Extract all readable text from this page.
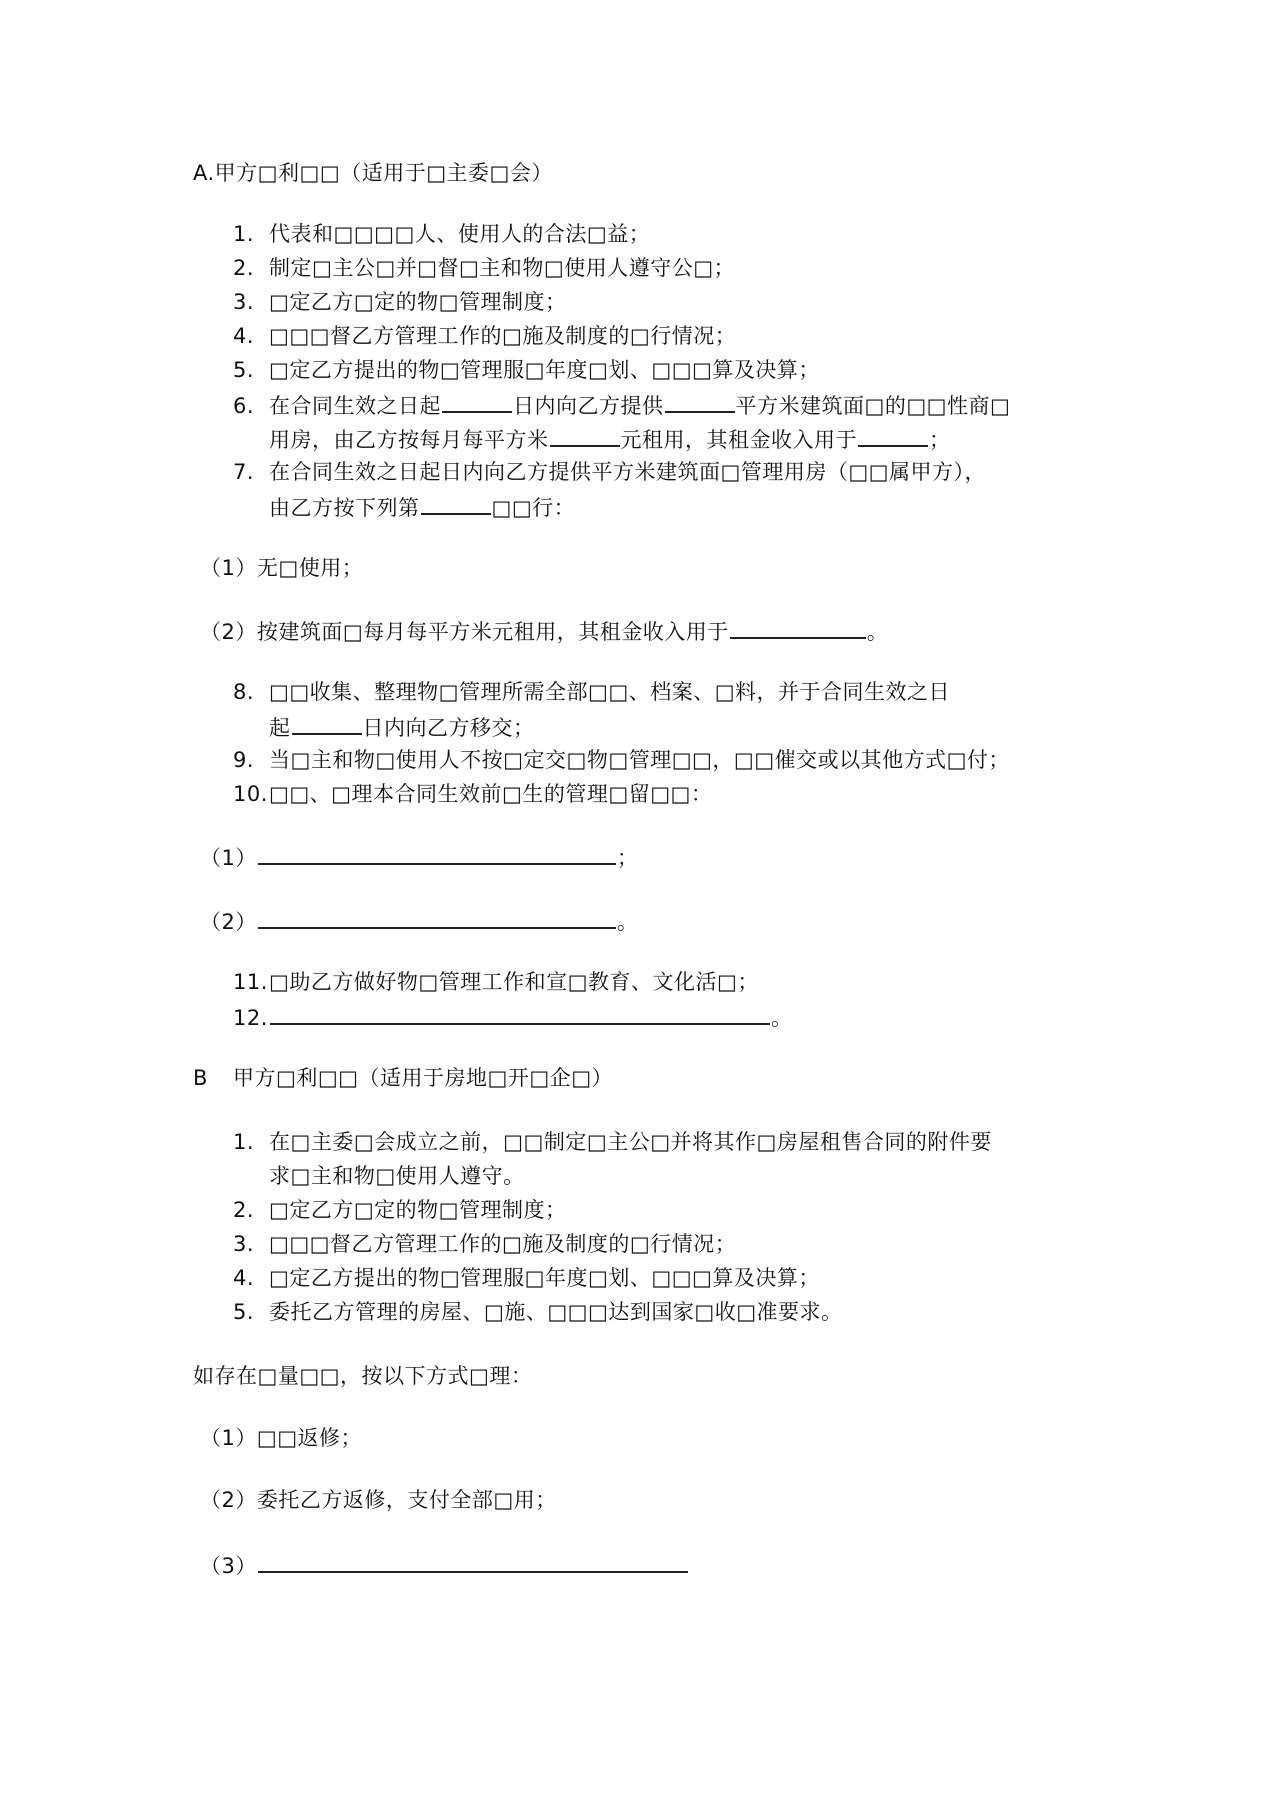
A.甲方□利□□（适用于□主委□会）
1. 代表和□□□□人、使用人的合法□益；
2. 制定□主公□并□督□主和物□使用人遵守公□；
3. □定乙方□定的物□管理制度；
4. □□□督乙方管理工作的□施及制度的□行情况；
5. □定乙方提出的物□管理服□年度□划、□□□算及决算；
6. 在合同生效之日起	日内向乙方提供	平方米建筑面□的□□性商□
用房，由乙方按每月每平方米	元租用，其租金收入用于	；
7. 在合同生效之日起日内向乙方提供平方米建筑面□管理用房（□□属甲方），
由乙方按下列第	□□行：
（1）无□使用；
（2）按建筑面□每月每平方米元租用，其租金收入用于	。
8. □□收集、整理物□管理所需全部□□、档案、□料，并于合同生效之日
起	日内向乙方移交；
9. 当□主和物□使用人不按□定交□物□管理□□，□□催交或以其他方式□付；
10.□□、□理本合同生效前□生的管理□留□□：
（1）	；
（2）	。
11.□助乙方做好物□管理工作和宣□教育、文化活□；
12.	。
B 甲方□利□□（适用于房地□开□企□）
1. 在□主委□会成立之前，□□制定□主公□并将其作□房屋租售合同的附件要
求□主和物□使用人遵守。
2. □定乙方□定的物□管理制度；
3. □□□督乙方管理工作的□施及制度的□行情况；
4. □定乙方提出的物□管理服□年度□划、□□□算及决算；
5. 委托乙方管理的房屋、□施、□□□达到国家□收□准要求。
如存在□量□□，按以下方式□理：
（1）□□返修；
（2）委托乙方返修，支付全部□用；
（3）
